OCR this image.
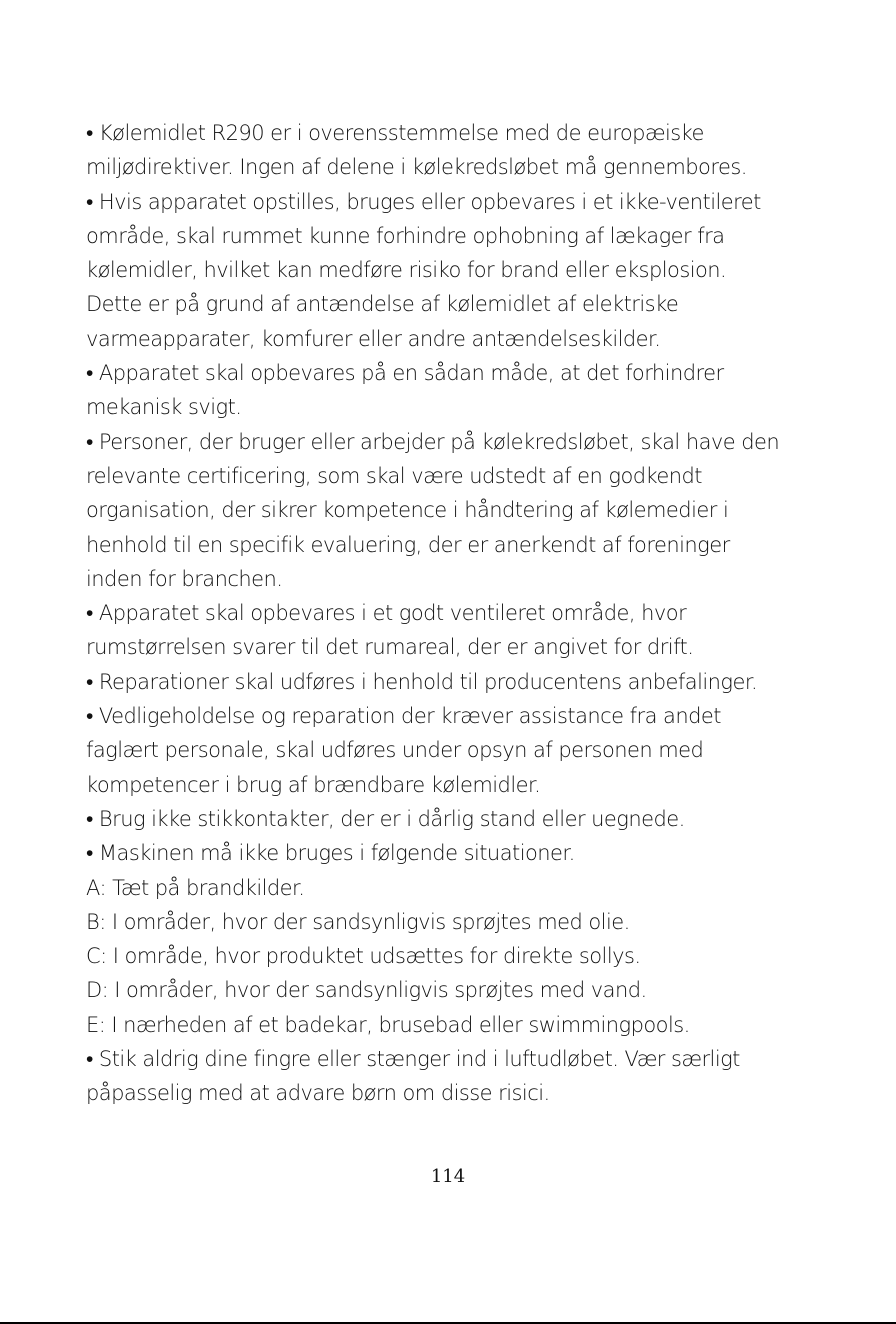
• Kølemidlet R290 er i overensstemmelse med de europæiske

miljødirektiver. Ingen af delene i kølekredsløbet må gennembores.

• Hvis apparatet opstilles, bruges eller opbevares i et ikke-ventileret

område, skal rummet kunne forhindre ophobning af lækager fra

kølemidler, hvilket kan medføre risiko for brand eller eksplosion.

Dette er på grund af antændelse af kølemidlet af elektriske

varmeapparater, komfurer eller andre antændelseskilder.

• Apparatet skal opbevares på en sådan måde, at det forhindrer

mekanisk svigt.

• Personer, der bruger eller arbejder på kølekredsløbet, skal have den

relevante certificering, som skal være udstedt af en godkendt

organisation, der sikrer kompetence i håndtering af kølemedier i

henhold til en specifik evaluering, der er anerkendt af foreninger

inden for branchen.

• Apparatet skal opbevares i et godt ventileret område, hvor

rumstørrelsen svarer til det rumareal, der er angivet for drift.

• Reparationer skal udføres i henhold til producentens anbefalinger.

• Vedligeholdelse og reparation der kræver assistance fra andet

faglært personale, skal udføres under opsyn af personen med

kompetencer i brug af brændbare kølemidler.

• Brug ikke stikkontakter, der er i dårlig stand eller uegnede.

• Maskinen må ikke bruges i følgende situationer.

A: Tæt på brandkilder.

B: I områder, hvor der sandsynligvis sprøjtes med olie.

C: I område, hvor produktet udsættes for direkte sollys.

D: I områder, hvor der sandsynligvis sprøjtes med vand.

E: I nærheden af et badekar, brusebad eller swimmingpools.

• Stik aldrig dine fingre eller stænger ind i luftudløbet. Vær særligt

påpasselig med at advare børn om disse risici.

114
